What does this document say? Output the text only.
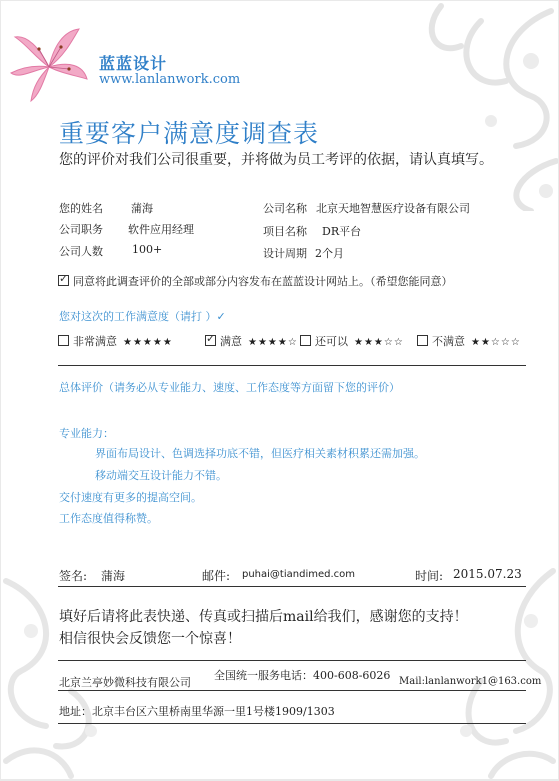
蓝蓝设计
www.lanlanwork.com
重要客户满意度调查表
您的评价对我们公司很重要，并将做为员工考评的依据，请认真填写。
您的姓名	蒲海
公司职务 软件应用经理
公司人数	100+
公司名称 北京天地智慧医疗设备有限公司
项目名称 DR平台
设计周期 2个月
✓同意将此调查评价的全部或部分内容发布在蓝蓝设计网站上。（希望您能同意）
您对这次的工作满意度（请打 ）✓
非常满意 ★★★★★
✓	满意 ★★★★☆	还可以 ★★★☆☆	不满意 ★★☆☆☆
总体评价（请务必从专业能力、速度、工作态度等方面留下您的评价）
专业能力：
界面布局设计、色调选择功底不错，但医疗相关素材积累还需加强。
移动端交互设计能力不错。
交付速度有更多的提高空间。
工作态度值得称赞。
签名: 蒲海	邮件: puhai@tiandimed.com	时间: 2015.07.23
填好后请将此表快递、传真或扫描后mail给我们，感谢您的支持！
相信很快会反馈您一个惊喜！
北京兰亭妙微科技有限公司
全国统一服务电话：400-608-6026 Mail:lanlanwork1@163.com
地址：北京丰台区六里桥南里华源一里1号楼1909/1303
